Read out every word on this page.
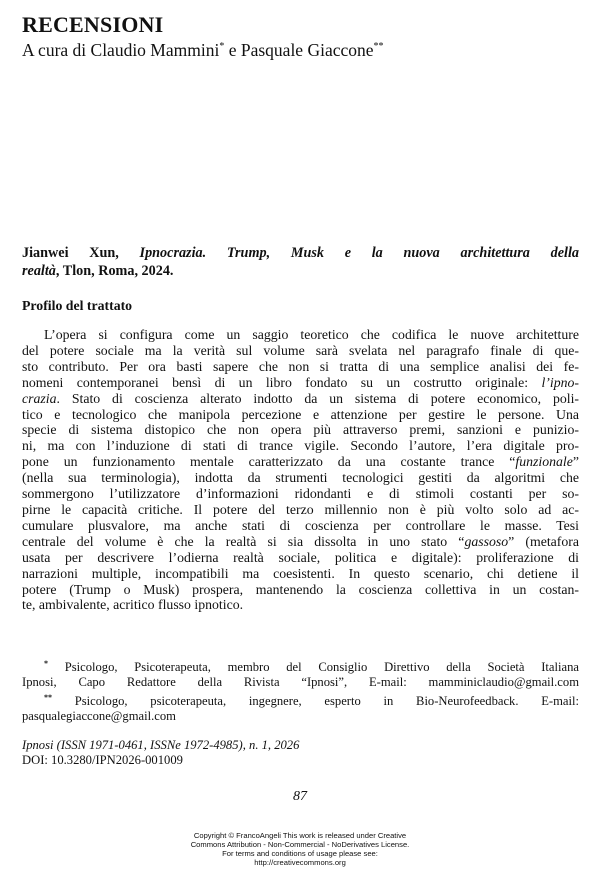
RECENSIONI
A cura di Claudio Mammini* e Pasquale Giaccone**
Jianwei Xun, Ipnocrazia. Trump, Musk e la nuova architettura della
realtà, Tlon, Roma, 2024.
Profilo del trattato
L’opera si configura come un saggio teoretico che codifica le nuove architetture
del potere sociale ma la verità sul volume sarà svelata nel paragrafo finale di que-
sto contributo. Per ora basti sapere che non si tratta di una semplice analisi dei fe-
nomeni contemporanei bensì di un libro fondato su un costrutto originale: l’ipno-
crazia. Stato di coscienza alterato indotto da un sistema di potere economico, poli-
tico e tecnologico che manipola percezione e attenzione per gestire le persone. Una
specie di sistema distopico che non opera più attraverso premi, sanzioni e punizio-
ni, ma con l’induzione di stati di trance vigile. Secondo l’autore, l’era digitale pro-
pone un funzionamento mentale caratterizzato da una costante trance “funzionale”
(nella sua terminologia), indotta da strumenti tecnologici gestiti da algoritmi che
sommergono l’utilizzatore d’informazioni ridondanti e di stimoli costanti per so-
pirne le capacità critiche. Il potere del terzo millennio non è più volto solo ad ac-
cumulare plusvalore, ma anche stati di coscienza per controllare le masse. Tesi
centrale del volume è che la realtà si sia dissolta in uno stato “gassoso” (metafora
usata per descrivere l’odierna realtà sociale, politica e digitale): proliferazione di
narrazioni multiple, incompatibili ma coesistenti. In questo scenario, chi detiene il
potere (Trump o Musk) prospera, mantenendo la coscienza collettiva in un costan-
te, ambivalente, acritico flusso ipnotico.
* Psicologo, Psicoterapeuta, membro del Consiglio Direttivo della Società Italiana
Ipnosi, Capo Redattore della Rivista “Ipnosi”, E-mail: mamminiclaudio@gmail.com
** Psicologo, psicoterapeuta, ingegnere, esperto in Bio-Neurofeedback. E-mail:
pasqualegiaccone@gmail.com
Ipnosi (ISSN 1971-0461, ISSNe 1972-4985), n. 1, 2026
DOI: 10.3280/IPN2026-001009
87
Copyright © FrancoAngeli This work is released under Creative
Commons Attribution - Non-Commercial - NoDerivatives License.
For terms and conditions of usage please see:
http://creativecommons.org
